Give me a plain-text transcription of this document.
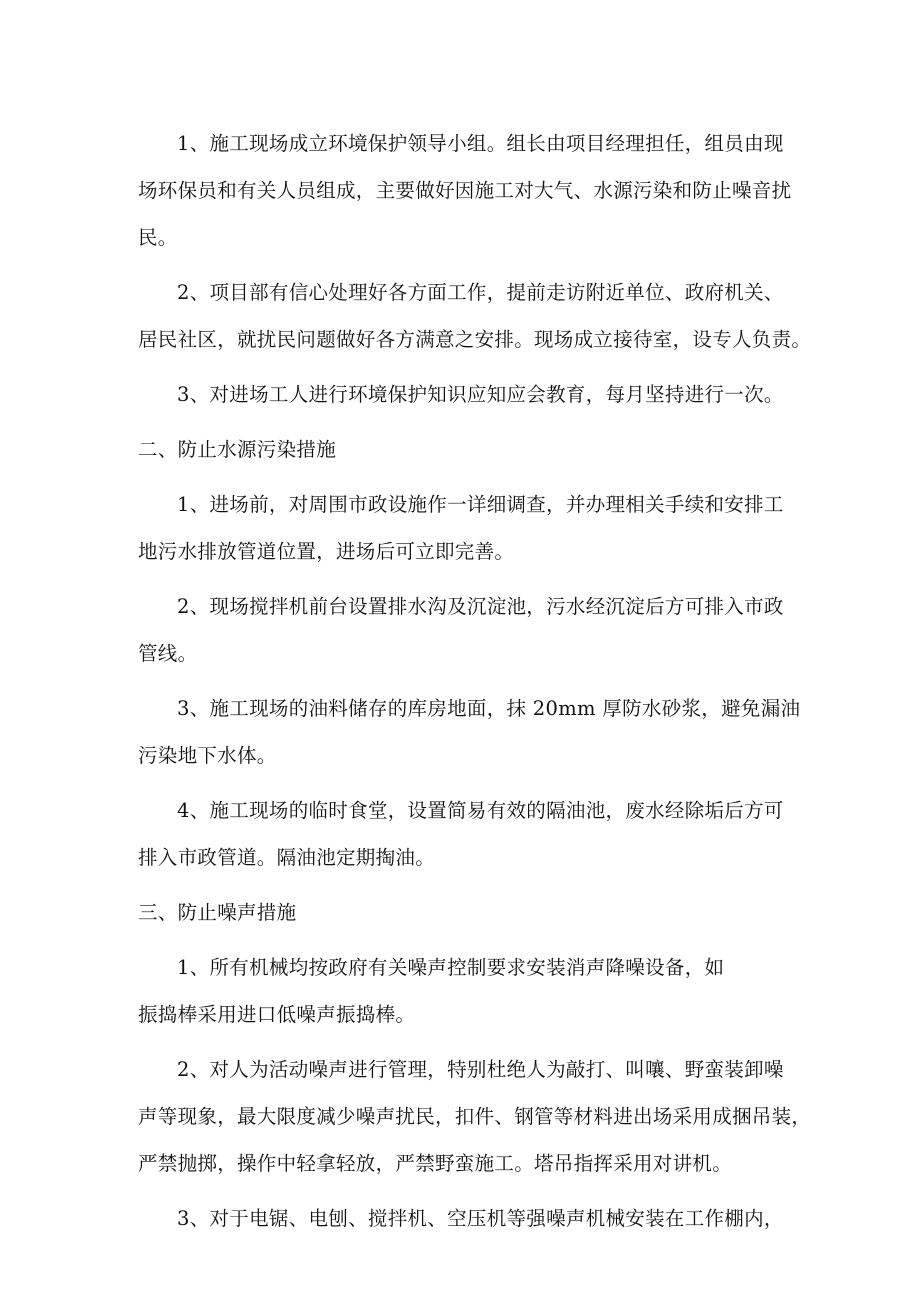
1、施工现场成立环境保护领导小组。组长由项目经理担任，组员由现
场环保员和有关人员组成，主要做好因施工对大气、水源污染和防止噪音扰
民。

2、项目部有信心处理好各方面工作，提前走访附近单位、政府机关、
居民社区，就扰民问题做好各方满意之安排。现场成立接待室，设专人负责。

3、对进场工人进行环境保护知识应知应会教育，每月坚持进行一次。

二、防止水源污染措施

1、进场前，对周围市政设施作一详细调查，并办理相关手续和安排工
地污水排放管道位置，进场后可立即完善。

2、现场搅拌机前台设置排水沟及沉淀池，污水经沉淀后方可排入市政
管线。

3、施工现场的油料储存的库房地面，抹 20mm 厚防水砂浆，避免漏油
污染地下水体。

4、施工现场的临时食堂，设置简易有效的隔油池，废水经除垢后方可
排入市政管道。隔油池定期掏油。

三、防止噪声措施

1、所有机械均按政府有关噪声控制要求安装消声降噪设备，如
振捣棒采用进口低噪声振捣棒。

2、对人为活动噪声进行管理，特别杜绝人为敲打、叫嚷、野蛮装卸噪
声等现象，最大限度减少噪声扰民，扣件、钢管等材料进出场采用成捆吊装，
严禁抛掷，操作中轻拿轻放，严禁野蛮施工。塔吊指挥采用对讲机。

3、对于电锯、电刨、搅拌机、空压机等强噪声机械安装在工作棚内，
